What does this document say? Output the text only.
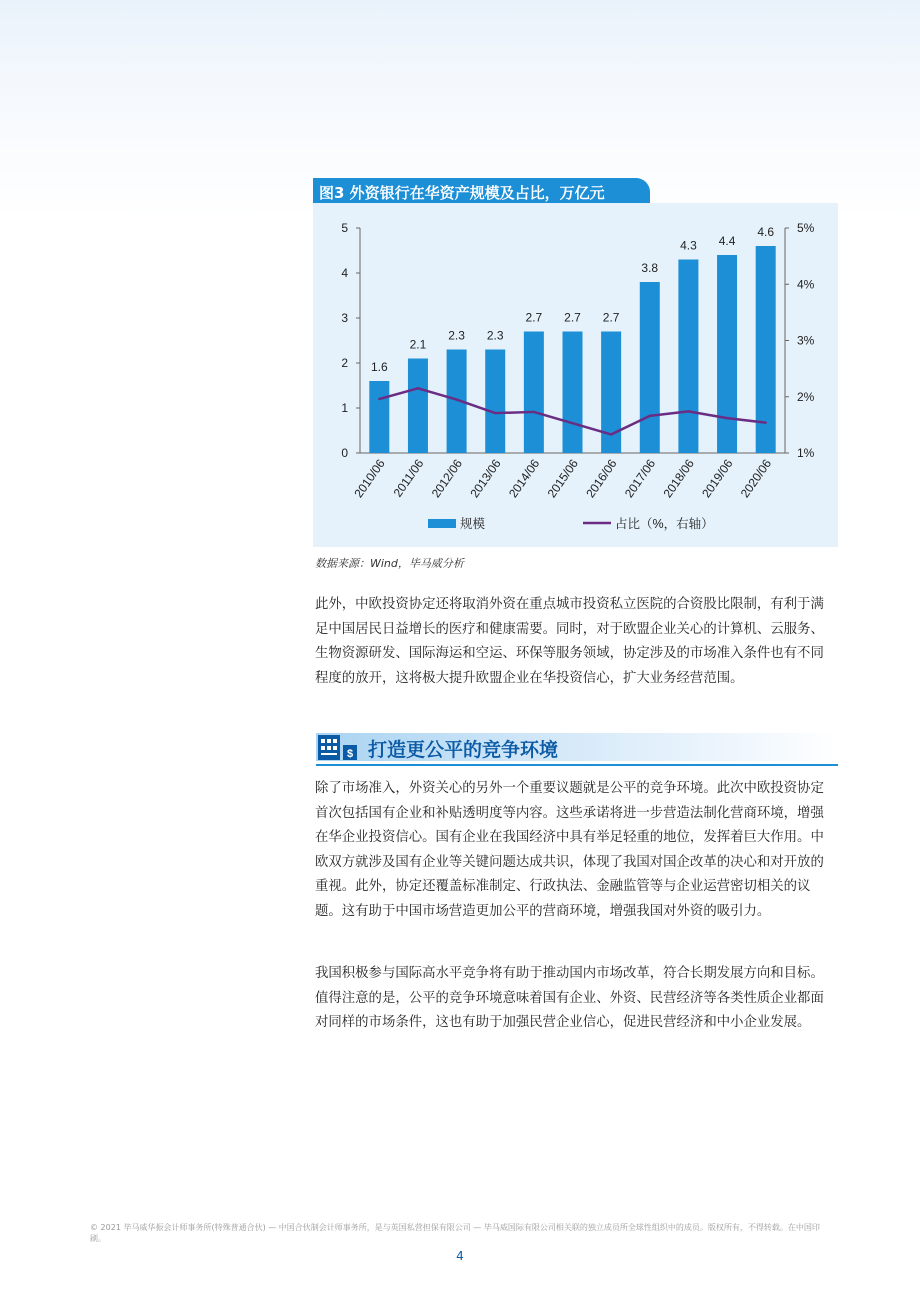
图3 外资银行在华资产规模及占比，万亿元
0
1
2
3
4
5
1%
2%
3%
4%
5%
1.6
2.1
2.3 2.3
2.7 2.7 2.7
3.8
4.3 4.4
4.6
2010/06 2011/06 2012/06 2013/06 2014/06 2015/06 2016/06 2017/06 2018/06 2019/06 2020/06
规模	占比（%，右轴）
数据来源：Wind，毕马威分析

此外，中欧投资协定还将取消外资在重点城市投资私立医院的合资股比限制，有利于满足中国居民日益增长的医疗和健康需要。同时，对于欧盟企业关心的计算机、云服务、生物资源研发、国际海运和空运、环保等服务领域，协定涉及的市场准入条件也有不同程度的放开，这将极大提升欧盟企业在华投资信心，扩大业务经营范围。

$ 打造更公平的竞争环境

除了市场准入，外资关心的另外一个重要议题就是公平的竞争环境。此次中欧投资协定首次包括国有企业和补贴透明度等内容。这些承诺将进一步营造法制化营商环境，增强在华企业投资信心。国有企业在我国经济中具有举足轻重的地位，发挥着巨大作用。中欧双方就涉及国有企业等关键问题达成共识，体现了我国对国企改革的决心和对开放的重视。此外，协定还覆盖标准制定、行政执法、金融监管等与企业运营密切相关的议题。这有助于中国市场营造更加公平的营商环境，增强我国对外资的吸引力。

我国积极参与国际高水平竞争将有助于推动国内市场改革，符合长期发展方向和目标。值得注意的是，公平的竞争环境意味着国有企业、外资、民营经济等各类性质企业都面对同样的市场条件，这也有助于加强民营企业信心，促进民营经济和中小企业发展。

© 2021 毕马威华振会计师事务所(特殊普通合伙) — 中国合伙制会计师事务所，是与英国私营担保有限公司 — 毕马威国际有限公司相关联的独立成员所全球性组织中的成员。版权所有，不得转载。在中国印刷。
4
